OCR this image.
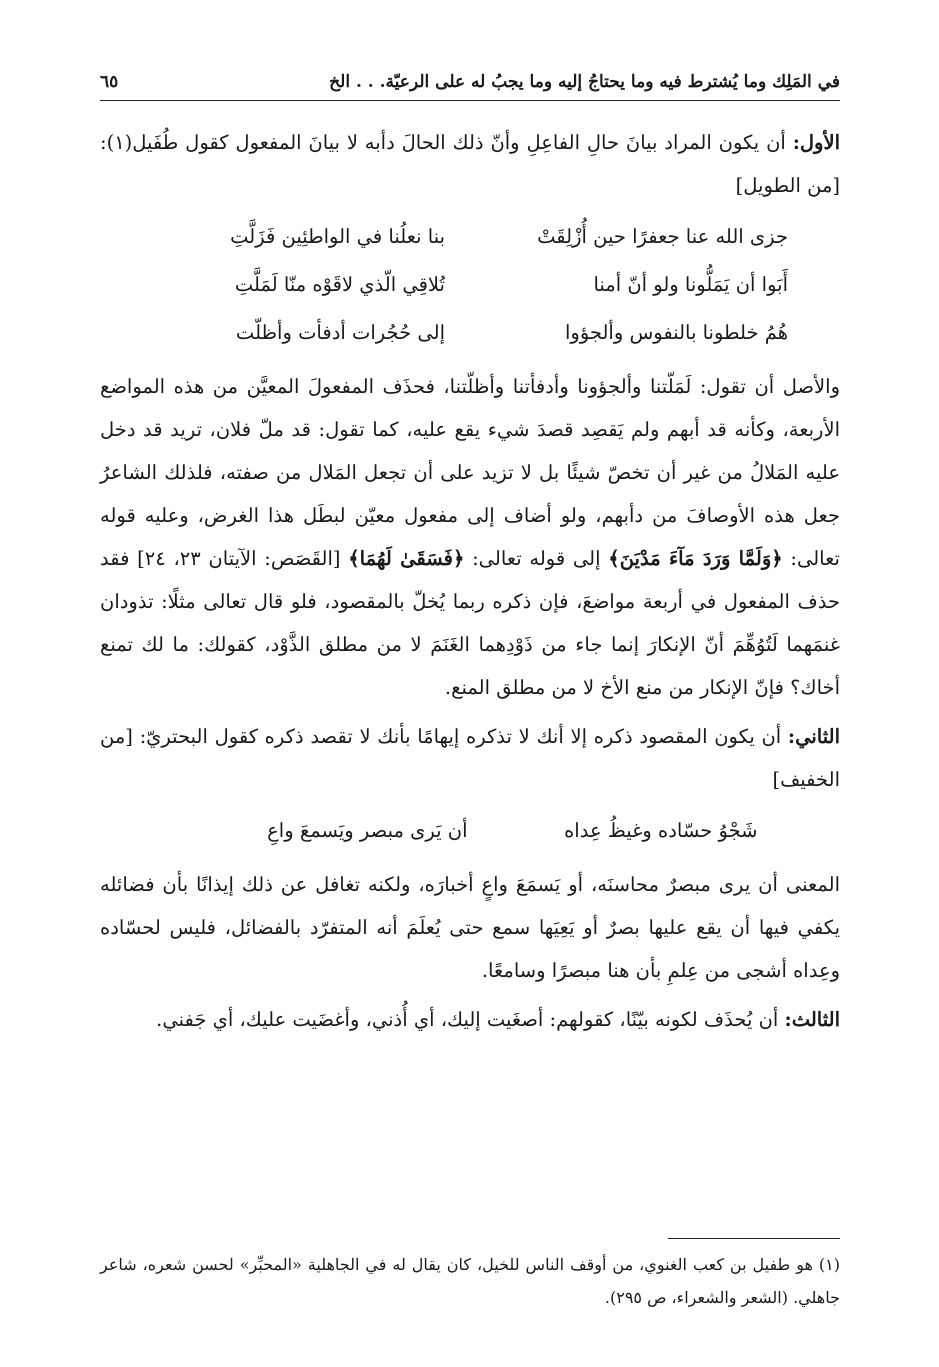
في المَلِك وما يُشترط فيه وما يحتاجُ إليه وما يجبُ له على الرعيّة. . . الخ
٦٥

الأول: أن يكون المراد بيانَ حالِ الفاعِلِ وأنّ ذلك الحالَ دأبه لا بيانَ المفعول كقول طُفَيل(١): [من الطويل]

جزى الله عنا جعفرًا حين أُزْلِقَتْ
بنا نعلُنا في الواطئِين فَزَلَّتِ
أَبَوا أن يَمَلُّونا ولو أنّ أمنا
تُلاقِي الّذي لاقَوْه منّا لَمَلَّتِ
هُمُ خلطونا بالنفوس وألجؤوا
إلى حُجُرات أدفأت وأظلّت

والأصل أن تقول: لَمَلّتنا وألجؤونا وأدفأتنا وأظلّتنا، فحذَف المفعولَ المعيَّن من هذه المواضع الأربعة، وكأنه قد أبهم ولم يَقصِد قصدَ شيء يقع عليه، كما تقول: قد ملّ فلان، تريد قد دخل عليه المَلالُ من غير أن تخصّ شيئًا بل لا تزيد على أن تجعل المَلال من صفته، فلذلك الشاعرُ جعل هذه الأوصافَ من دأبهم، ولو أضاف إلى مفعول معيّن لبطَل هذا الغرض، وعليه قوله تعالى: ﴿وَلَمَّا وَرَدَ مَآءَ مَدْيَنَ﴾ إلى قوله تعالى: ﴿فَسَقَىٰ لَهُمَا﴾ [القَصَص: الآيتان ٢٣، ٢٤] فقد حذف المفعول في أربعة مواضعَ، فإن ذكره ربما يُخلّ بالمقصود، فلو قال تعالى مثلًا: تذودان غنمَهما لَتُوُهِّمَ أنّ الإنكارَ إنما جاء من ذَوْدِهما الغَنَمَ لا من مطلق الذَّوْد، كقولك: ما لك تمنع أخاك؟ فإنّ الإنكار من منع الأخ لا من مطلق المنع.

الثاني: أن يكون المقصود ذكره إلا أنك لا تذكره إيهامًا بأنك لا تقصد ذكره كقول البحتريّ: [من الخفيف]

شَجْوُ حسّاده وغيظُ عِداه
أن يَرى مبصر ويَسمعَ واعِ

المعنى أن يرى مبصرٌ محاسنَه، أو يَسمَعَ واعٍ أخبارَه، ولكنه تغافل عن ذلك إيذانًا بأن فضائله يكفي فيها أن يقع عليها بصرٌ أو يَعِيَها سمع حتى يُعلَمَ أنه المتفرّد بالفضائل، فليس لحسّاده وعِداه أشجى من عِلمِ بأن هنا مبصرًا وسامعًا.

الثالث: أن يُحذَف لكونه بيّنًا، كقولهم: أصغَيت إليك، أي أُذني، وأغضَيت عليك، أي جَفني.

(١) هو طفيل بن كعب الغنوي، من أوقف الناس للخيل، كان يقال له في الجاهلية «المحبِّر» لحسن شعره، شاعر جاهلي. (الشعر والشعراء، ص ٢٩٥).
